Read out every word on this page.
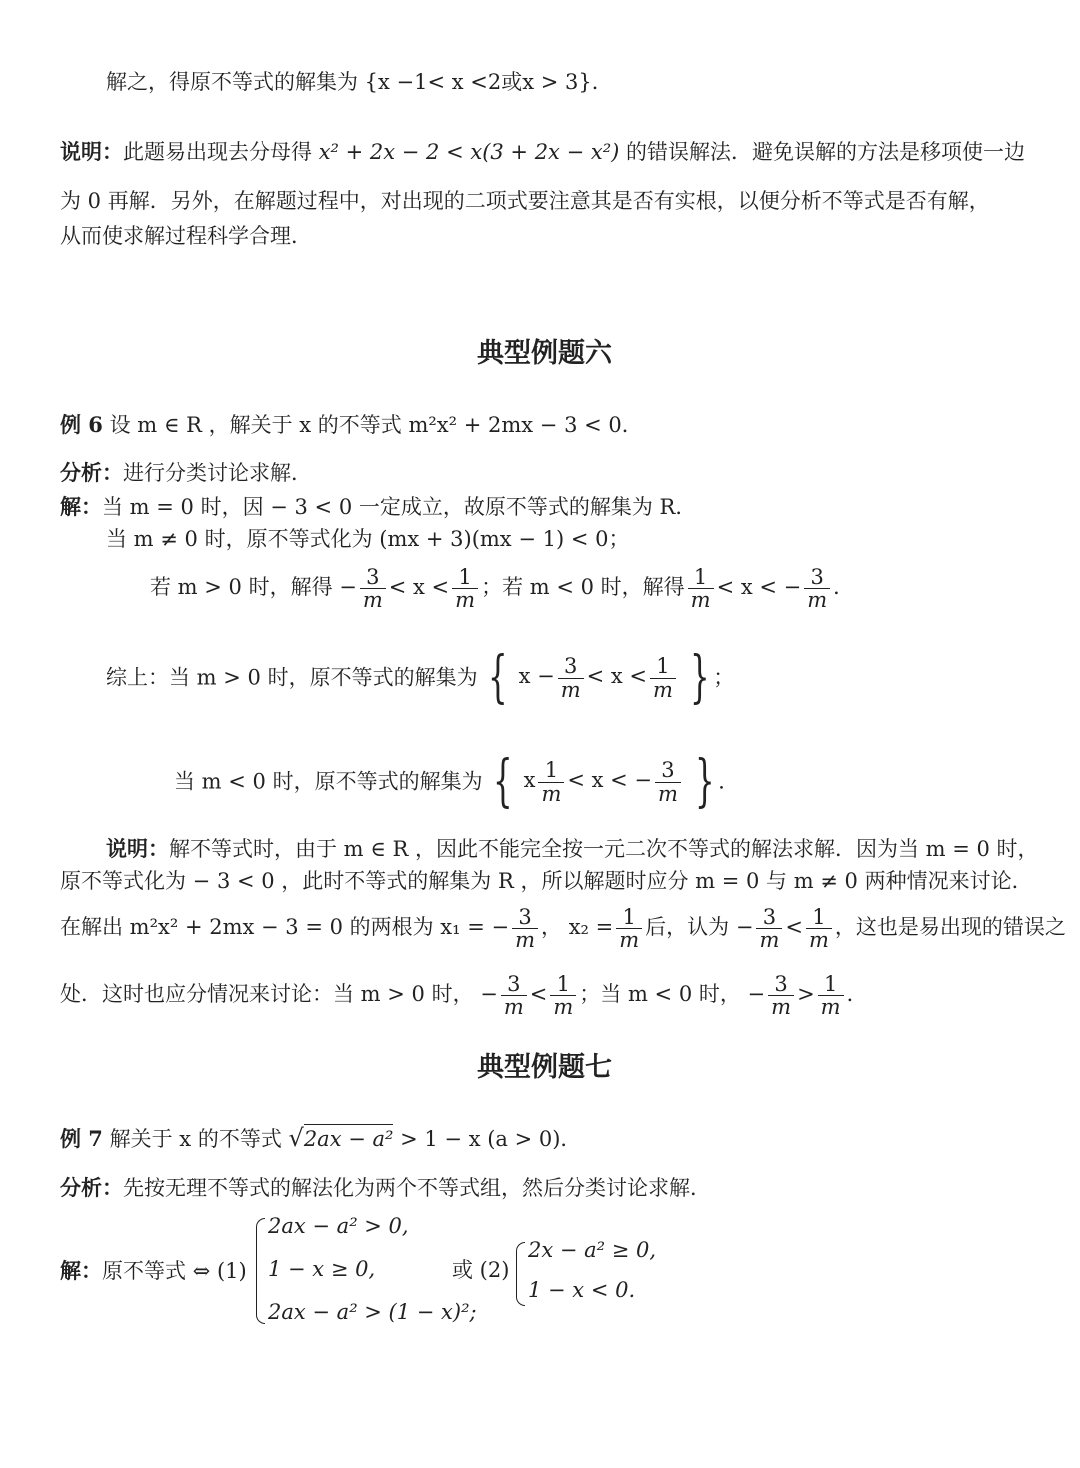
解之，得原不等式的解集为 {x −1< x <2或x > 3}．
说明：此题易出现去分母得 x² + 2x − 2 < x(3 + 2x − x²) 的错误解法．避免误解的方法是移项使一边
为 0 再解．另外，在解题过程中，对出现的二项式要注意其是否有实根，以便分析不等式是否有解，
从而使求解过程科学合理．
典型例题六
例 6 设 m ∈ R ，解关于 x 的不等式 m²x² + 2mx − 3 < 0．
分析：进行分类讨论求解．
解：当 m = 0 时，因 − 3 < 0 一定成立，故原不等式的解集为 R．
当 m ≠ 0 时，原不等式化为 (mx + 3)(mx − 1) < 0；
若 m > 0 时，解得 − $\frac{3}{m} < x < \frac{1}{m}$ ；若 m < 0 时，解得 $\frac{1}{m} < x$ < − $\frac{3}{m}$ ．
综上：当 m > 0 时，原不等式的解集为 { $x - \frac{3}{m} < x < \frac{1}{m}$ } ；
当 m < 0 时，原不等式的解集为 { x $\frac{1}{m} < x$ < − $\frac{3}{m}$ } ．
说明：解不等式时，由于 m ∈ R ，因此不能完全按一元二次不等式的解法求解．因为当 m = 0 时，
原不等式化为 − 3 < 0 ，此时不等式的解集为 R ，所以解题时应分 m = 0 与 m ≠ 0 两种情况来讨论．
在解出 m²x² + 2mx − 3 = 0 的两根为 x₁ = − $\frac{3}{m}$ ， $x_2 = \frac{1}{m}$ 后，认为 − $\frac{3}{m} < \frac{1}{m}$ ，这也是易出现的错误之
处．这时也应分情况来讨论：当 m > 0 时， − $\frac{3}{m} < \frac{1}{m}$ ；当 m < 0 时， − $\frac{3}{m} > \frac{1}{m}$ ．
典型例题七
例 7 解关于 x 的不等式 √2ax − a² > 1 − x (a > 0)．
分析：先按无理不等式的解法化为两个不等式组，然后分类讨论求解．
解：原不等式 ⇔ (1)
2ax − a² > 0,
1 − x ≥ 0,
2ax − a² > (1 − x)²;
或 (2)
2x − a² ≥ 0,
1 − x < 0.
